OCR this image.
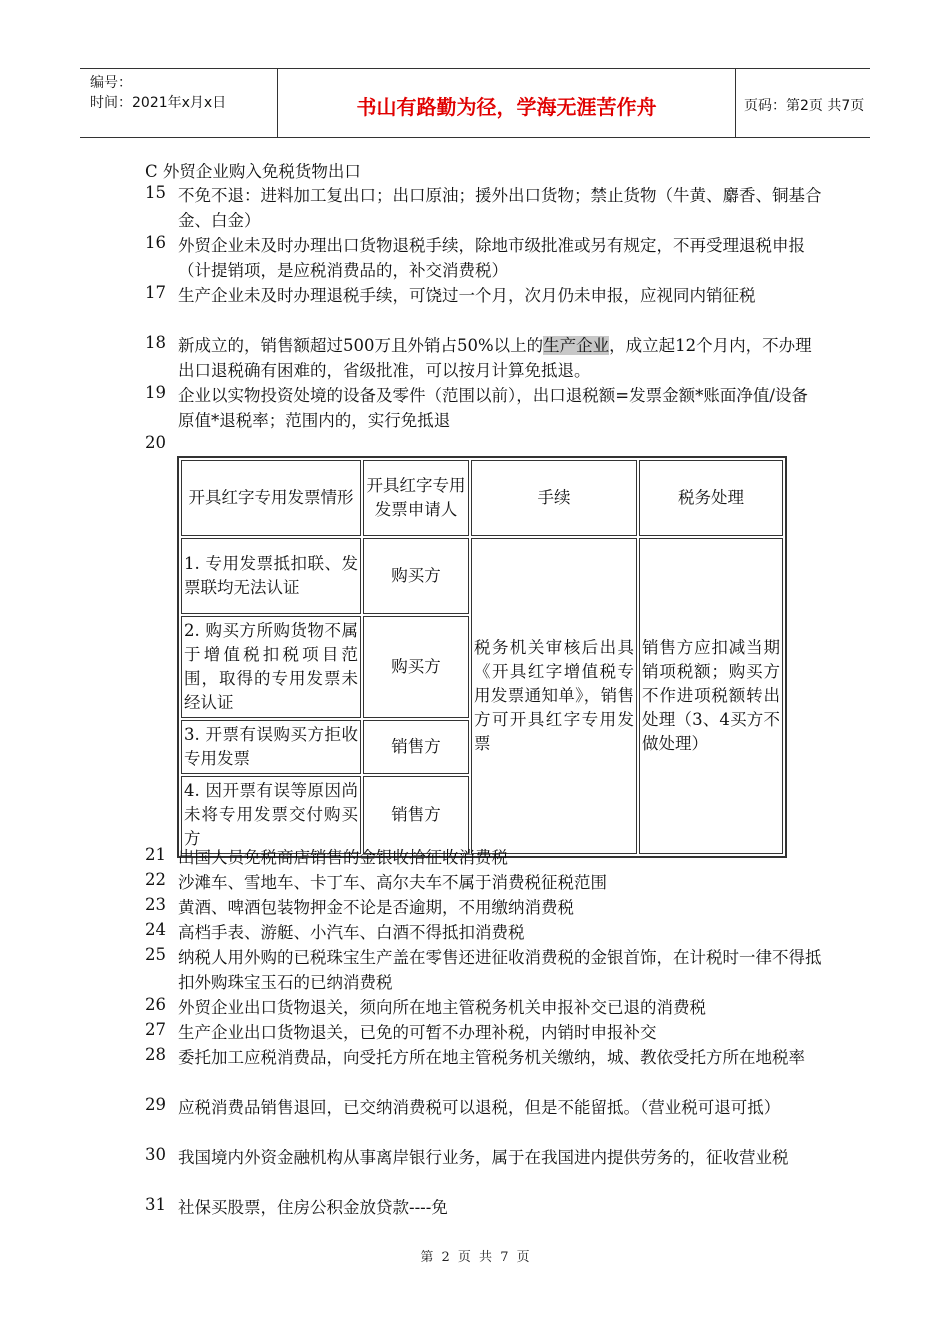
编号：
时间：2021年x月x日	书山有路勤为径，学海无涯苦作舟	页码：第2页 共7页
C 外贸企业购入免税货物出口
15 不免不退：进料加工复出口；出口原油；援外出口货物；禁止货物（牛黄、麝香、铜基合金、白金）
16 外贸企业未及时办理出口货物退税手续，除地市级批准或另有规定，不再受理退税申报（计提销项，是应税消费品的，补交消费税）
17 生产企业未及时办理退税手续，可饶过一个月，次月仍未申报，应视同内销征税
18 新成立的，销售额超过500万且外销占50%以上的生产企业，成立起12个月内，不办理出口退税确有困难的，省级批准，可以按月计算免抵退。
19 企业以实物投资处境的设备及零件（范围以前），出口退税额=发票金额*账面净值/设备原值*退税率；范围内的，实行免抵退
20
开具红字专用发票情形	开具红字专用发票申请人	手续	税务处理
1. 专用发票抵扣联、发票联均无法认证	购买方	税务机关审核后出具《开具红字增值税专用发票通知单》，销售方可开具红字专用发票	销售方应扣减当期销项税额；购买方不作进项税额转出处理（3、4买方不做处理）
2. 购买方所购货物不属于增值税扣税项目范围，取得的专用发票未经认证	购买方		
3. 开票有误购买方拒收专用发票	销售方		
4. 因开票有误等原因尚未将专用发票交付购买方	销售方		
21 出国人员免税商店销售的金银收拾征收消费税
22 沙滩车、雪地车、卡丁车、高尔夫车不属于消费税征税范围
23 黄酒、啤酒包装物押金不论是否逾期，不用缴纳消费税
24 高档手表、游艇、小汽车、白酒不得抵扣消费税
25 纳税人用外购的已税珠宝生产盖在零售还进征收消费税的金银首饰，在计税时一律不得抵扣外购珠宝玉石的已纳消费税
26 外贸企业出口货物退关，须向所在地主管税务机关申报补交已退的消费税
27 生产企业出口货物退关，已免的可暂不办理补税，内销时申报补交
28 委托加工应税消费品，向受托方所在地主管税务机关缴纳，城、教依受托方所在地税率
29 应税消费品销售退回，已交纳消费税可以退税，但是不能留抵。（营业税可退可抵）
30 我国境内外资金融机构从事离岸银行业务，属于在我国进内提供劳务的，征收营业税
31 社保买股票，住房公积金放贷款----免
第 2 页 共 7 页
